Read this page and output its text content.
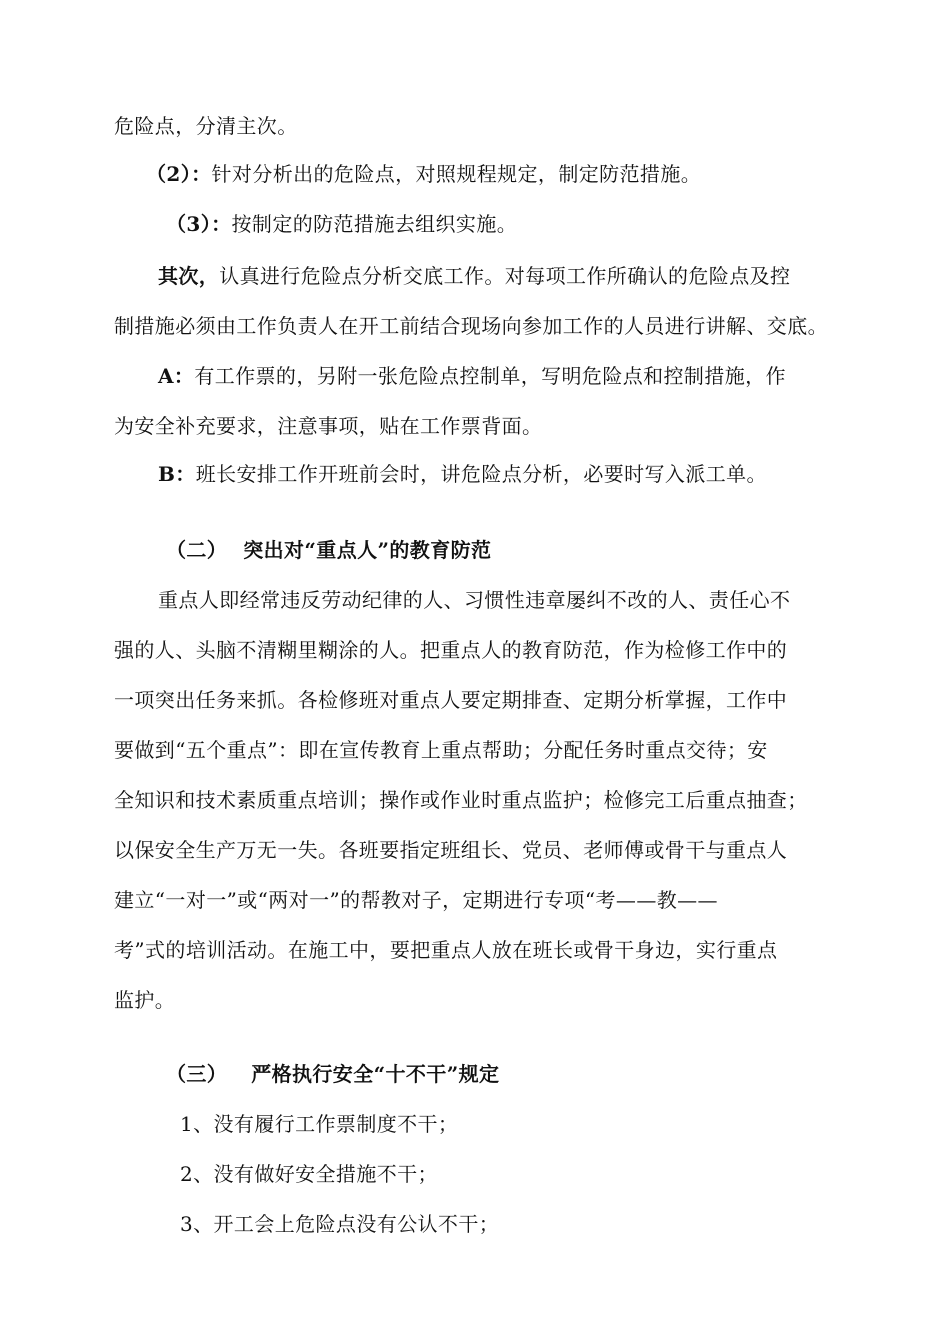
危险点，分清主次。
（2）：针对分析出的危险点，对照规程规定，制定防范措施。
（3）：按制定的防范措施去组织实施。
其次，认真进行危险点分析交底工作。对每项工作所确认的危险点及控
制措施必须由工作负责人在开工前结合现场向参加工作的人员进行讲解、交底。
A：有工作票的，另附一张危险点控制单，写明危险点和控制措施，作
为安全补充要求，注意事项，贴在工作票背面。
B：班长安排工作开班前会时，讲危险点分析，必要时写入派工单。
（二） 突出对“重点人”的教育防范
重点人即经常违反劳动纪律的人、习惯性违章屡纠不改的人、责任心不
强的人、头脑不清糊里糊涂的人。把重点人的教育防范，作为检修工作中的
一项突出任务来抓。各检修班对重点人要定期排查、定期分析掌握，工作中
要做到“五个重点”：即在宣传教育上重点帮助；分配任务时重点交待；安
全知识和技术素质重点培训；操作或作业时重点监护；检修完工后重点抽查；
以保安全生产万无一失。各班要指定班组长、党员、老师傅或骨干与重点人
建立“一对一”或“两对一”的帮教对子，定期进行专项“考——教——
考”式的培训活动。在施工中，要把重点人放在班长或骨干身边，实行重点
监护。
（三） 严格执行安全“十不干”规定
1、没有履行工作票制度不干；
2、没有做好安全措施不干；
3、开工会上危险点没有公认不干；
